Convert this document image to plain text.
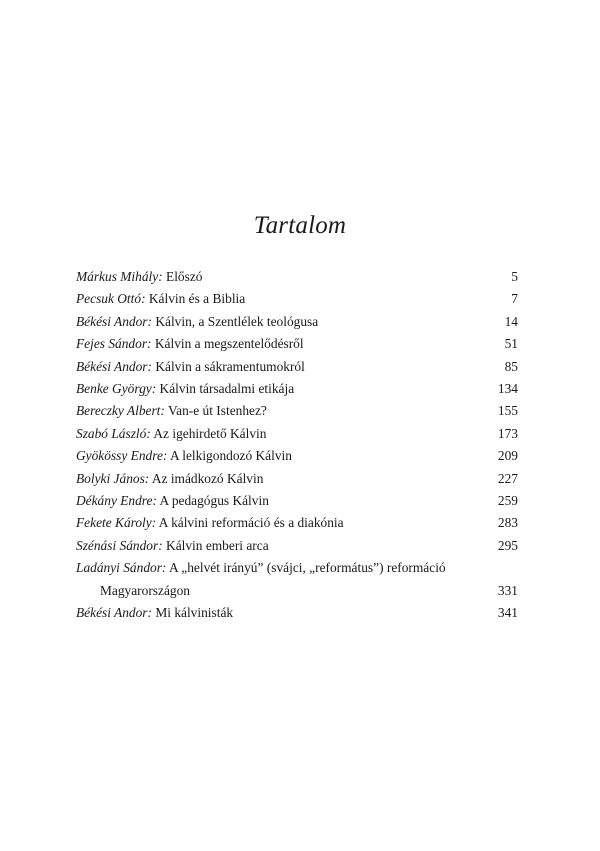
Tartalom
Márkus Mihály: Előszó	5
Pecsuk Ottó: Kálvin és a Biblia	7
Békési Andor: Kálvin, a Szentlélek teológusa	14
Fejes Sándor: Kálvin a megszentelődésről	51
Békési Andor: Kálvin a sákramentumokról	85
Benke György: Kálvin társadalmi etikája	134
Bereczky Albert: Van-e út Istenhez?	155
Szabó László: Az igehirdető Kálvin	173
Gyökössy Endre: A lelkigondozó Kálvin	209
Bolyki János: Az imádkozó Kálvin	227
Dékány Endre: A pedagógus Kálvin	259
Fekete Károly: A kálvini reformáció és a diakónia	283
Szénási Sándor: Kálvin emberi arca	295
Ladányi Sándor: A „helvét irányú” (svájci, „református”) reformáció
Magyarországon	331
Békési Andor: Mi kálvinisták	341
